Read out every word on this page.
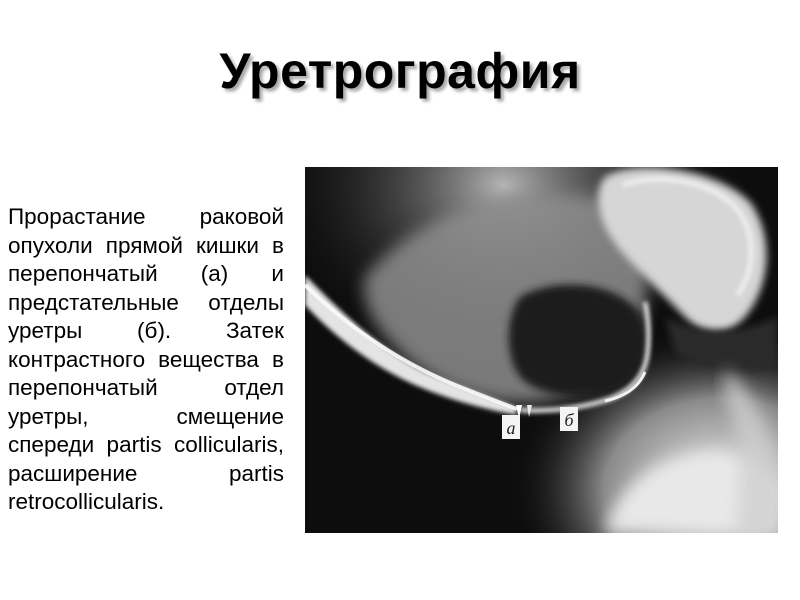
Уретрография

Прорастание раковой опухоли прямой кишки в перепончатый (а) и предстательные отделы уретры (б). Затек контрастного вещества в перепончатый отдел уретры, смещение спереди partis collicularis, расширение partis retrocollicularis.

а	б
